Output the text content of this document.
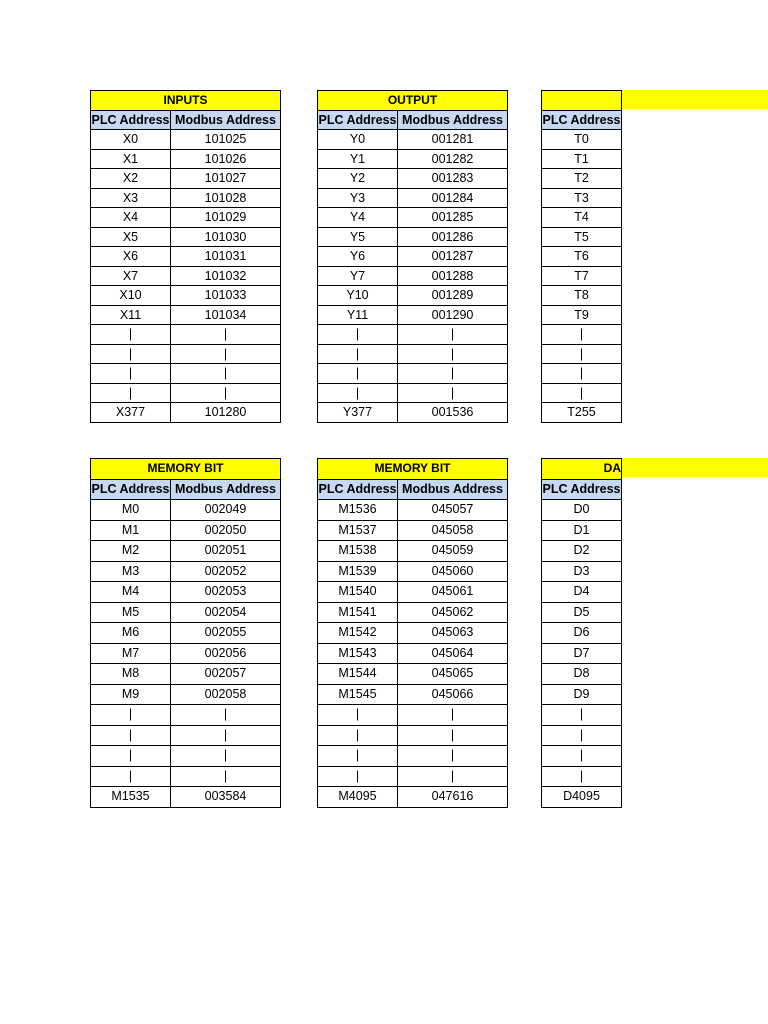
INPUTS	
PLC Address	Modbus Address
X0	101025
X1	101026
X2	101027
X3	101028
X4	101029
X5	101030
X6	101031
X7	101032
X10	101033
X11	101034
|	|
|	|
|	|
|	|
X377	101280
OUTPUT	
PLC Address	Modbus Address
Y0	001281
Y1	001282
Y2	001283
Y3	001284
Y4	001285
Y5	001286
Y6	001287
Y7	001288
Y10	001289
Y11	001290
|	|
|	|
|	|
|	|
Y377	001536

PLC Address
T0
T1
T2
T3
T4
T5
T6
T7
T8
T9
|
|
|
|
T255
MEMORY BIT	
PLC Address	Modbus Address
M0	002049
M1	002050
M2	002051
M3	002052
M4	002053
M5	002054
M6	002055
M7	002056
M8	002057
M9	002058
|	|
|	|
|	|
|	|
M1535	003584
MEMORY BIT	
PLC Address	Modbus Address
M1536	045057
M1537	045058
M1538	045059
M1539	045060
M1540	045061
M1541	045062
M1542	045063
M1543	045064
M1544	045065
M1545	045066
|	|
|	|
|	|
|	|
M4095	047616
DA
PLC Address
D0
D1
D2
D3
D4
D5
D6
D7
D8
D9
|
|
|
|
D4095
